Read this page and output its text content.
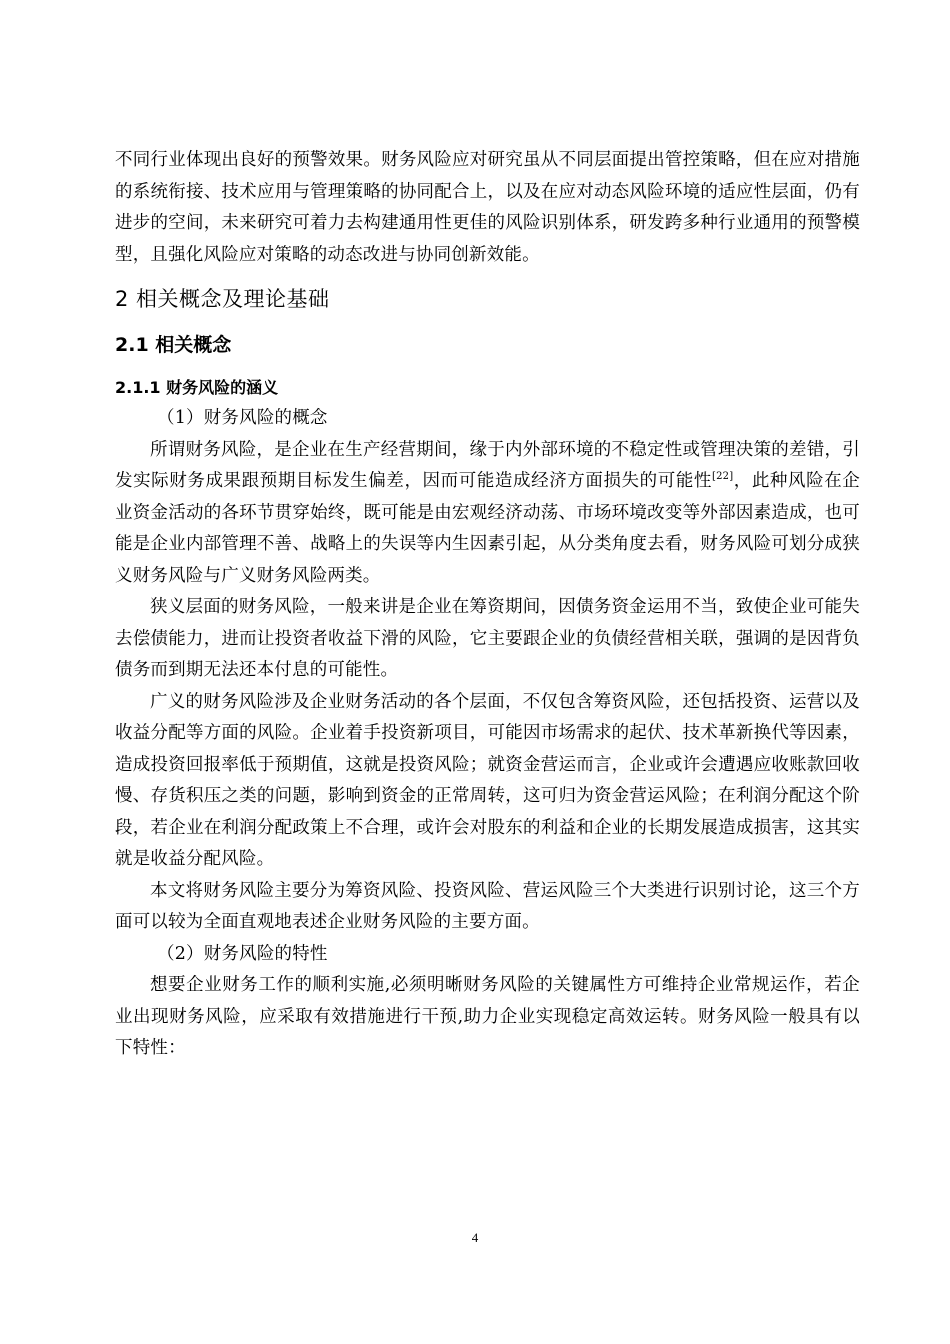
不同行业体现出良好的预警效果。财务风险应对研究虽从不同层面提出管控策略，但在应对措施的系统衔接、技术应用与管理策略的协同配合上，以及在应对动态风险环境的适应性层面，仍有进步的空间，未来研究可着力去构建通用性更佳的风险识别体系，研发跨多种行业通用的预警模型，且强化风险应对策略的动态改进与协同创新效能。

2 相关概念及理论基础
2.1 相关概念
2.1.1 财务风险的涵义

（1）财务风险的概念

所谓财务风险，是企业在生产经营期间，缘于内外部环境的不稳定性或管理决策的差错，引发实际财务成果跟预期目标发生偏差，因而可能造成经济方面损失的可能性[22]，此种风险在企业资金活动的各环节贯穿始终，既可能是由宏观经济动荡、市场环境改变等外部因素造成，也可能是企业内部管理不善、战略上的失误等内生因素引起，从分类角度去看，财务风险可划分成狭义财务风险与广义财务风险两类。

狭义层面的财务风险，一般来讲是企业在筹资期间，因债务资金运用不当，致使企业可能失去偿债能力，进而让投资者收益下滑的风险，它主要跟企业的负债经营相关联，强调的是因背负债务而到期无法还本付息的可能性。

广义的财务风险涉及企业财务活动的各个层面，不仅包含筹资风险，还包括投资、运营以及收益分配等方面的风险。企业着手投资新项目，可能因市场需求的起伏、技术革新换代等因素，造成投资回报率低于预期值，这就是投资风险；就资金营运而言，企业或许会遭遇应收账款回收慢、存货积压之类的问题，影响到资金的正常周转，这可归为资金营运风险；在利润分配这个阶段，若企业在利润分配政策上不合理，或许会对股东的利益和企业的长期发展造成损害，这其实就是收益分配风险。

本文将财务风险主要分为筹资风险、投资风险、营运风险三个大类进行识别讨论，这三个方面可以较为全面直观地表述企业财务风险的主要方面。

（2）财务风险的特性

想要企业财务工作的顺利实施,必须明晰财务风险的关键属性方可维持企业常规运作，若企业出现财务风险，应采取有效措施进行干预,助力企业实现稳定高效运转。财务风险一般具有以下特性：

4
